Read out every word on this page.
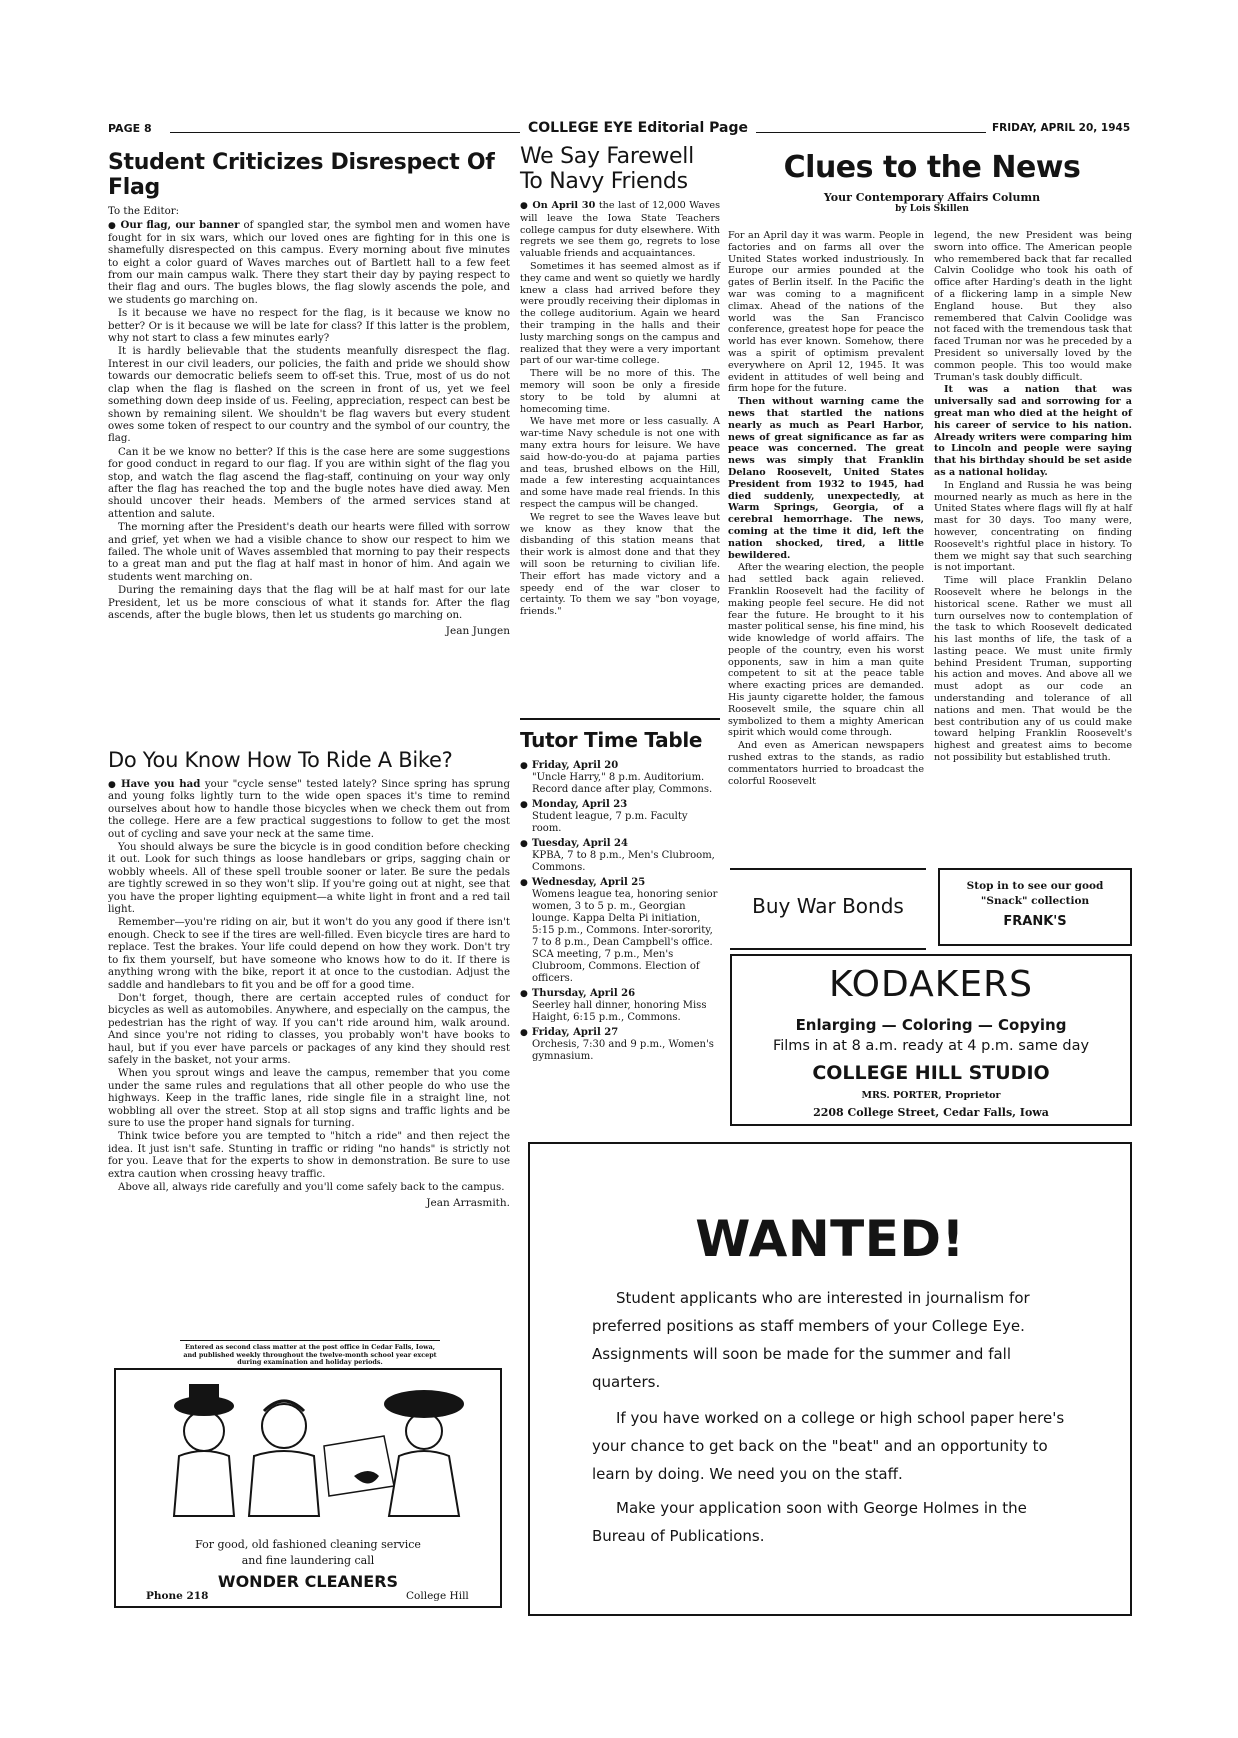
PAGE 8	COLLEGE EYE Editorial Page	FRIDAY, APRIL 20, 1945
Student Criticizes Disrespect Of Flag

To the Editor:

● Our flag, our banner of spangled star, the symbol men and women have fought for in six wars, which our loved ones are fighting for in this one is shamefully disrespected on this campus. Every morning about five minutes to eight a color guard of Waves marches out of Bartlett hall to a few feet from our main campus walk. There they start their day by paying respect to their flag and ours. The bugles blows, the flag slowly ascends the pole, and we students go marching on.

Is it because we have no respect for the flag, is it because we know no better? Or is it because we will be late for class? If this latter is the problem, why not start to class a few minutes early?

It is hardly believable that the students meanfully disrespect the flag. Interest in our civil leaders, our policies, the faith and pride we should show towards our democratic beliefs seem to off-set this. True, most of us do not clap when the flag is flashed on the screen in front of us, yet we feel something down deep inside of us. Feeling, appreciation, respect can best be shown by remaining silent. We shouldn't be flag wavers but every student owes some token of respect to our country and the symbol of our country, the flag.

Can it be we know no better? If this is the case here are some suggestions for good conduct in regard to our flag. If you are within sight of the flag you stop, and watch the flag ascend the flag-staff, continuing on your way only after the flag has reached the top and the bugle notes have died away. Men should uncover their heads. Members of the armed services stand at attention and salute.

The morning after the President's death our hearts were filled with sorrow and grief, yet when we had a visible chance to show our respect to him we failed. The whole unit of Waves assembled that morning to pay their respects to a great man and put the flag at half mast in honor of him. And again we students went marching on.

During the remaining days that the flag will be at half mast for our late President, let us be more conscious of what it stands for. After the flag ascends, after the bugle blows, then let us students go marching on.

Jean Jungen
Do You Know How To Ride A Bike?

● Have you had your "cycle sense" tested lately? Since spring has sprung and young folks lightly turn to the wide open spaces it's time to remind ourselves about how to handle those bicycles when we check them out from the college. Here are a few practical suggestions to follow to get the most out of cycling and save your neck at the same time.

You should always be sure the bicycle is in good condition before checking it out. Look for such things as loose handlebars or grips, sagging chain or wobbly wheels. All of these spell trouble sooner or later. Be sure the pedals are tightly screwed in so they won't slip. If you're going out at night, see that you have the proper lighting equipment—a white light in front and a red tail light.

Remember—you're riding on air, but it won't do you any good if there isn't enough. Check to see if the tires are well-filled. Even bicycle tires are hard to replace. Test the brakes. Your life could depend on how they work. Don't try to fix them yourself, but have someone who knows how to do it. If there is anything wrong with the bike, report it at once to the custodian. Adjust the saddle and handlebars to fit you and be off for a good time.

Don't forget, though, there are certain accepted rules of conduct for bicycles as well as automobiles. Anywhere, and especially on the campus, the pedestrian has the right of way. If you can't ride around him, walk around. And since you're not riding to classes, you probably won't have books to haul, but if you ever have parcels or packages of any kind they should rest safely in the basket, not your arms.

When you sprout wings and leave the campus, remember that you come under the same rules and regulations that all other people do who use the highways. Keep in the traffic lanes, ride single file in a straight line, not wobbling all over the street. Stop at all stop signs and traffic lights and be sure to use the proper hand signals for turning.

Think twice before you are tempted to "hitch a ride" and then reject the idea. It just isn't safe. Stunting in traffic or riding "no hands" is strictly not for you. Leave that for the experts to show in demonstration. Be sure to use extra caution when crossing heavy traffic.

Above all, always ride carefully and you'll come safely back to the campus.

Jean Arrasmith.

Entered as second class matter at the post office in Cedar Falls, Iowa, and published weekly throughout the twelve-month school year except during examination and holiday periods.

For good, old fashioned cleaning service
and fine laundering call
WONDER CLEANERS
Phone 218	College Hill
We Say Farewell
To Navy Friends

● On April 30 the last of 12,000 Waves will leave the Iowa State Teachers college campus for duty elsewhere. With regrets we see them go, regrets to lose valuable friends and acquaintances.

Sometimes it has seemed almost as if they came and went so quietly we hardly knew a class had arrived before they were proudly receiving their diplomas in the college auditorium. Again we heard their tramping in the halls and their lusty marching songs on the campus and realized that they were a very important part of our war-time college.

There will be no more of this. The memory will soon be only a fireside story to be told by alumni at homecoming time.

We have met more or less casually. A war-time Navy schedule is not one with many extra hours for leisure. We have said how-do-you-do at pajama parties and teas, brushed elbows on the Hill, made a few interesting acquaintances and some have made real friends. In this respect the campus will be changed.

We regret to see the Waves leave but we know as they know that the disbanding of this station means that their work is almost done and that they will soon be returning to civilian life. Their effort has made victory and a speedy end of the war closer to certainty. To them we say "bon voyage, friends."

Tutor Time Table
● Friday, April 20
"Uncle Harry," 8 p.m. Auditorium. Record dance after play, Commons.
● Monday, April 23
Student league, 7 p.m. Faculty room.
● Tuesday, April 24
KPBA, 7 to 8 p.m., Men's Clubroom, Commons.
● Wednesday, April 25
Womens league tea, honoring senior women, 3 to 5 p. m., Georgian lounge. Kappa Delta Pi initiation, 5:15 p.m., Commons. Inter-sorority, 7 to 8 p.m., Dean Campbell's office. SCA meeting, 7 p.m., Men's Clubroom, Commons. Election of officers.
● Thursday, April 26
Seerley hall dinner, honoring Miss Haight, 6:15 p.m., Commons.
● Friday, April 27
Orchesis, 7:30 and 9 p.m., Women's gymnasium.
Clues to the News
Your Contemporary Affairs Column
by Lois Skillen

For an April day it was warm. People in factories and on farms all over the United States worked industriously. In Europe our armies pounded at the gates of Berlin itself. In the Pacific the war was coming to a magnificent climax. Ahead of the nations of the world was the San Francisco conference, greatest hope for peace the world has ever known. Somehow, there was a spirit of optimism prevalent everywhere on April 12, 1945. It was evident in attitudes of well being and firm hope for the future.

Then without warning came the news that startled the nations nearly as much as Pearl Harbor, news of great significance as far as peace was concerned. The great news was simply that Franklin Delano Roosevelt, United States President from 1932 to 1945, had died suddenly, unexpectedly, at Warm Springs, Georgia, of a cerebral hemorrhage. The news, coming at the time it did, left the nation shocked, tired, a little bewildered.

After the wearing election, the people had settled back again relieved. Franklin Roosevelt had the facility of making people feel secure. He did not fear the future. He brought to it his master political sense, his fine mind, his wide knowledge of world affairs. The people of the country, even his worst opponents, saw in him a man quite competent to sit at the peace table where exacting prices are demanded. His jaunty cigarette holder, the famous Roosevelt smile, the square chin all symbolized to them a mighty American spirit which would come through.

And even as American newspapers rushed extras to the stands, as radio commentators hurried to broadcast the colorful Roosevelt

legend, the new President was being sworn into office. The American people who remembered back that far recalled Calvin Coolidge who took his oath of office after Harding's death in the light of a flickering lamp in a simple New England house. But they also remembered that Calvin Coolidge was not faced with the tremendous task that faced Truman nor was he preceded by a President so universally loved by the common people. This too would make Truman's task doubly difficult.

It was a nation that was universally sad and sorrowing for a great man who died at the height of his career of service to his nation. Already writers were comparing him to Lincoln and people were saying that his birthday should be set aside as a national holiday.

In England and Russia he was being mourned nearly as much as here in the United States where flags will fly at half mast for 30 days. Too many were, however, concentrating on finding Roosevelt's rightful place in history. To them we might say that such searching is not important.

Time will place Franklin Delano Roosevelt where he belongs in the historical scene. Rather we must all turn ourselves now to contemplation of the task to which Roosevelt dedicated his last months of life, the task of a lasting peace. We must unite firmly behind President Truman, supporting his action and moves. And above all we must adopt as our code an understanding and tolerance of all nations and men. That would be the best contribution any of us could make toward helping Franklin Roosevelt's highest and greatest aims to become not possibility but established truth.

Buy War Bonds
Stop in to see our good
"Snack" collection
FRANK'S
KODAKERS
Enlarging — Coloring — Copying
Films in at 8 a.m. ready at 4 p.m. same day
COLLEGE HILL STUDIO
MRS. PORTER, Proprietor
2208 College Street, Cedar Falls, Iowa
WANTED!

Student applicants who are interested in journalism for preferred positions as staff members of your College Eye. Assignments will soon be made for the summer and fall quarters.

If you have worked on a college or high school paper here's your chance to get back on the "beat" and an opportunity to learn by doing. We need you on the staff.

Make your application soon with George Holmes in the Bureau of Publications.
